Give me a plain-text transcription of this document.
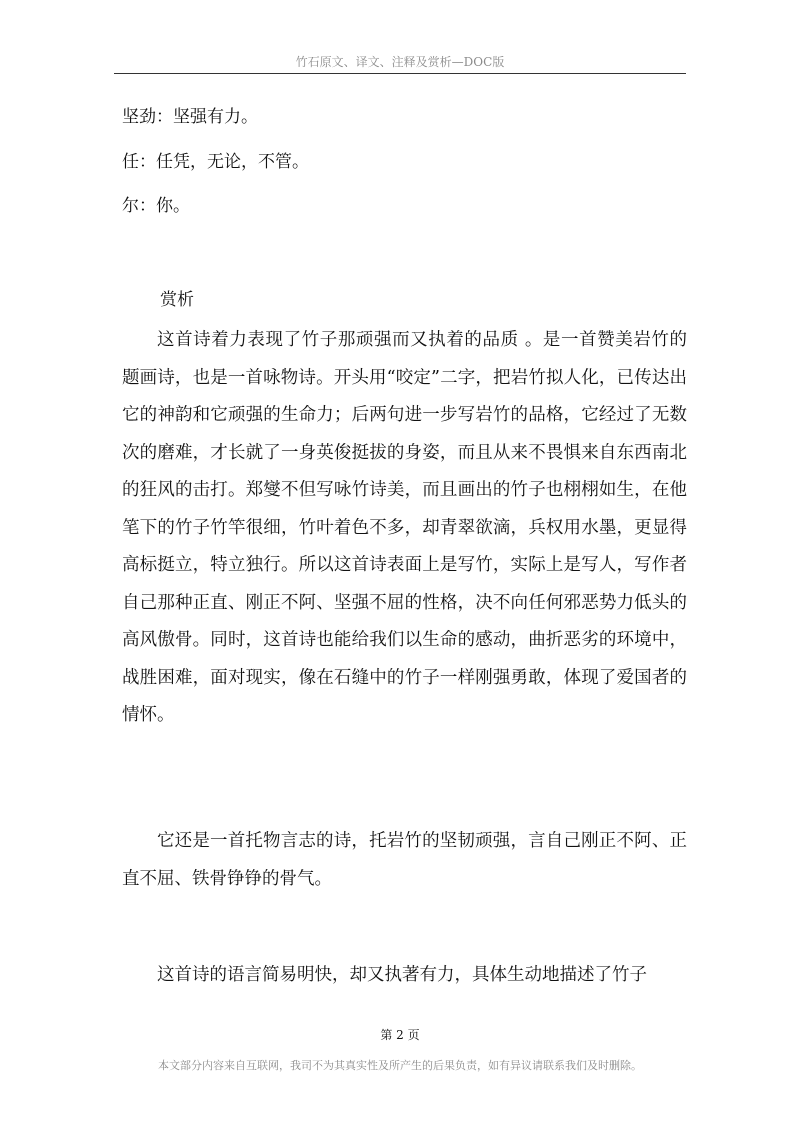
竹石原文、译文、注释及赏析—DOC版
坚劲：坚强有力。
任：任凭，无论，不管。
尔：你。
赏析
这首诗着力表现了竹子那顽强而又执着的品质 。是一首赞美岩竹的题画诗，也是一首咏物诗。开头用“咬定”二字，把岩竹拟人化，已传达出它的神韵和它顽强的生命力；后两句进一步写岩竹的品格，它经过了无数次的磨难，才长就了一身英俊挺拔的身姿，而且从来不畏惧来自东西南北的狂风的击打。郑燮不但写咏竹诗美，而且画出的竹子也栩栩如生，在他笔下的竹子竹竿很细，竹叶着色不多，却青翠欲滴，兵权用水墨，更显得高标挺立，特立独行。所以这首诗表面上是写竹，实际上是写人，写作者自己那种正直、刚正不阿、坚强不屈的性格，决不向任何邪恶势力低头的高风傲骨。同时，这首诗也能给我们以生命的感动，曲折恶劣的环境中，战胜困难，面对现实，像在石缝中的竹子一样刚强勇敢，体现了爱国者的情怀。
它还是一首托物言志的诗，托岩竹的坚韧顽强，言自己刚正不阿、正直不屈、铁骨铮铮的骨气。
这首诗的语言简易明快，却又执著有力，具体生动地描述了竹子
第 2 页
本文部分内容来自互联网，我司不为其真实性及所产生的后果负责，如有异议请联系我们及时删除。
